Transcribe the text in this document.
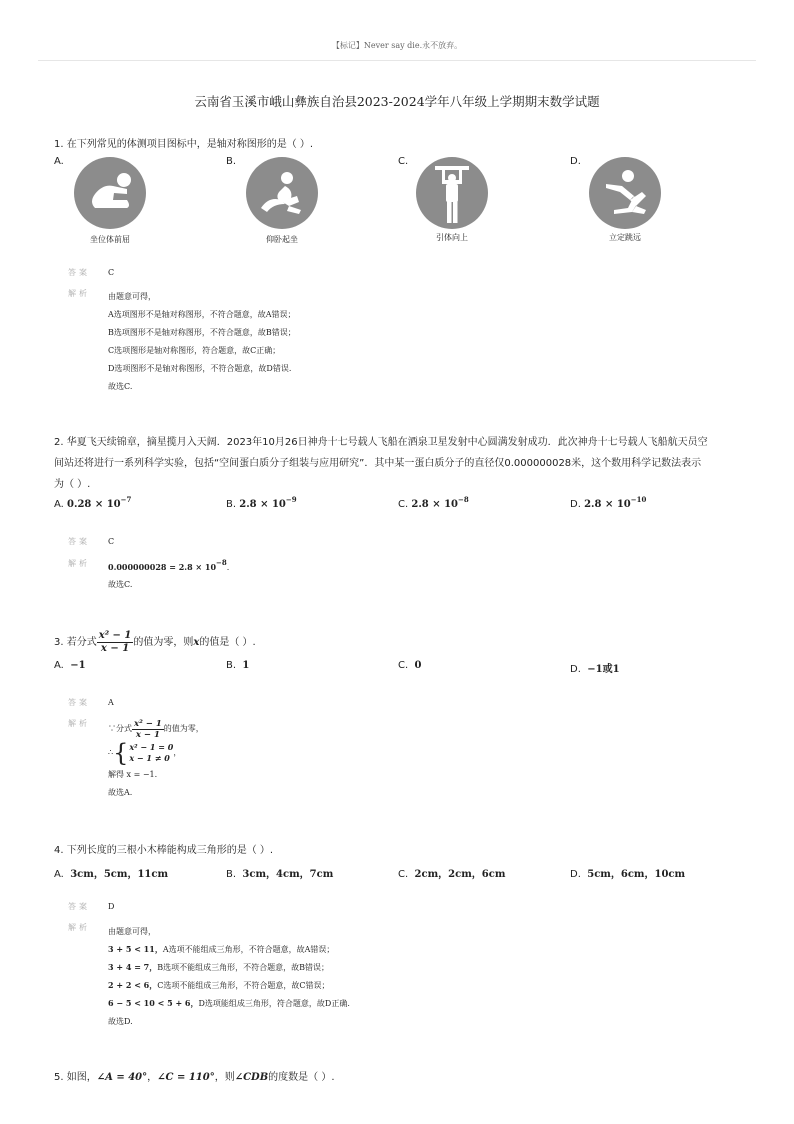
【标记】Never say die.永不放弃。
云南省玉溪市峨山彝族自治县2023-2024学年八年级上学期期末数学试题
1. 在下列常见的体测项目图标中，是轴对称图形的是（ ）.
A.	B.	C.	D.
坐位体前屈	仰卧起坐	引体向上	立定跳远
答案 C
解析	由题意可得，
A选项图形不是轴对称图形，不符合题意，故A错误；
B选项图形不是轴对称图形，不符合题意，故B错误；
C选项图形是轴对称图形，符合题意，故C正确；
D选项图形不是轴对称图形，不符合题意，故D错误.
故选C.
2. 华夏飞天续锦章，摘星揽月入天阔．2023年10月26日神舟十七号载人飞船在酒泉卫星发射中心圆满发射成功．此次神舟十七号载人飞船航天员空
间站还将进行一系列科学实验，包括“空间蛋白质分子组装与应用研究”．其中某一蛋白质分子的直径仅0.000000028米，这个数用科学记数法表示
为（ ）.
A. $0.28 \times 10^{-7}$	B. $2.8 \times 10^{-9}$	C. $2.8 \times 10^{-8}$	D. $2.8 \times 10^{-10}$
答案 C
解析	$0.000000028 = 2.8 \times 10^{-8}$.
故选C.
3. 若分式 $\frac{\text{x² − 1}}{x - 1}$ 的值为零，则x的值是（ ）.
A. −1	B. 1	C. 0	D. −1或1
答案 A
解析
∵分式 $\frac{\text{x² − 1}}{x - 1}$ 的值为零，
∴ { x² − 1 = 0
x − 1 ≠ 0
，
解得 x = −1.
故选A.
4. 下列长度的三根小木棒能构成三角形的是（ ）.
A. 3cm，5cm，11cm	B. 3cm，4cm，7cm	C. 2cm，2cm，6cm	D. 5cm，6cm，10cm
答案 D
解析	由题意可得，
3 + 5 < 11，A选项不能组成三角形，不符合题意，故A错误；
3 + 4 = 7，B选项不能组成三角形，不符合题意，故B错误；
2 + 2 < 6，C选项不能组成三角形，不符合题意，故C错误；
6 − 5 < 10 < 5 + 6，D选项能组成三角形，符合题意，故D正确.
故选D.
5. 如图，∠A = 40°，∠C = 110°，则∠CDB的度数是（ ）.
